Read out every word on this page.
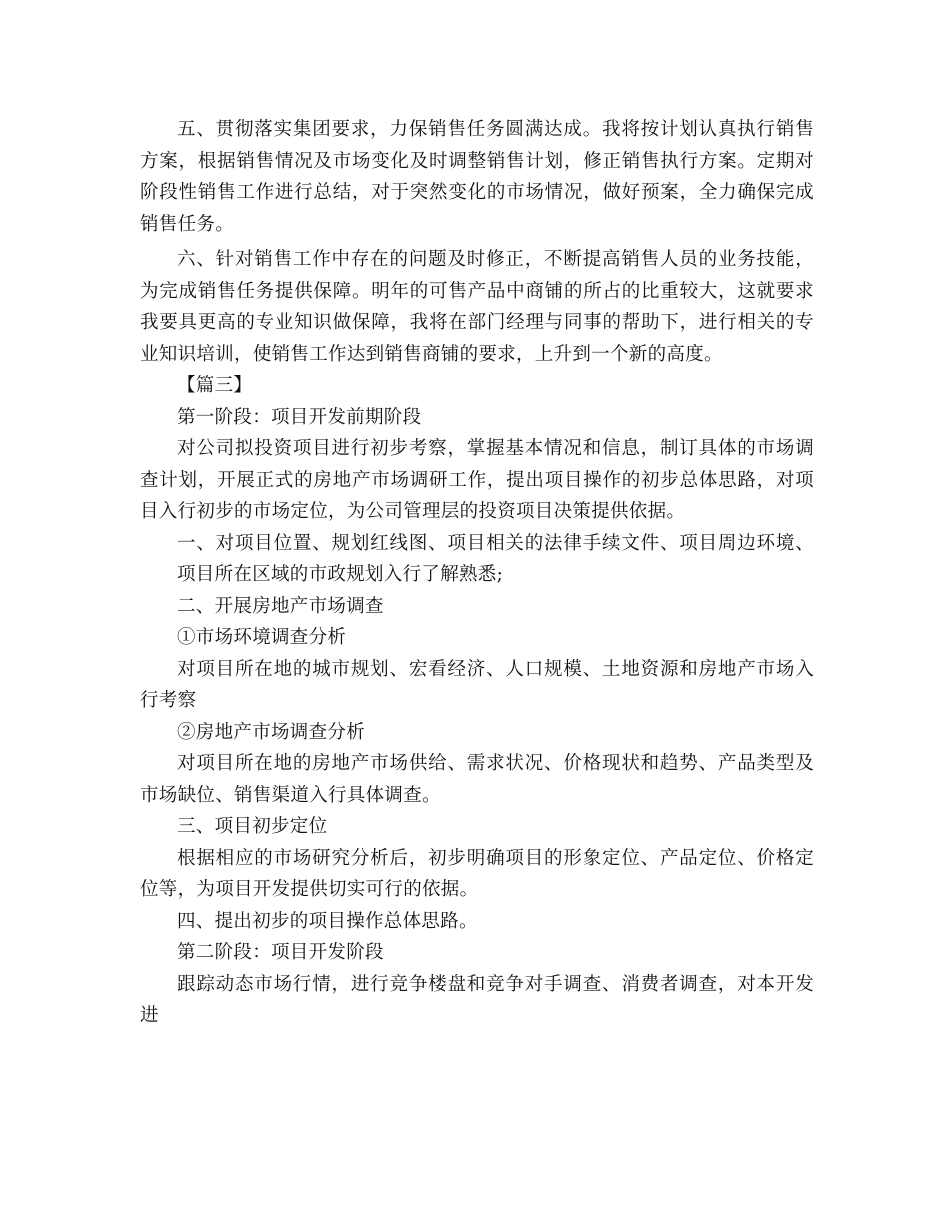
五、贯彻落实集团要求，力保销售任务圆满达成。我将按计划认真执行销售方案，根据销售情况及市场变化及时调整销售计划，修正销售执行方案。定期对阶段性销售工作进行总结，对于突然变化的市场情况，做好预案，全力确保完成销售任务。

六、针对销售工作中存在的问题及时修正，不断提高销售人员的业务技能，为完成销售任务提供保障。明年的可售产品中商铺的所占的比重较大，这就要求我要具更高的专业知识做保障，我将在部门经理与同事的帮助下，进行相关的专业知识培训，使销售工作达到销售商铺的要求，上升到一个新的高度。

【篇三】

第一阶段：项目开发前期阶段

对公司拟投资项目进行初步考察，掌握基本情况和信息，制订具体的市场调查计划，开展正式的房地产市场调研工作，提出项目操作的初步总体思路，对项目入行初步的市场定位，为公司管理层的投资项目决策提供依据。

一、对项目位置、规划红线图、项目相关的法律手续文件、项目周边环境、项目所在区域的市政规划入行了解熟悉;

二、开展房地产市场调查

①市场环境调查分析

对项目所在地的城市规划、宏看经济、人口规模、土地资源和房地产市场入行考察

②房地产市场调查分析

对项目所在地的房地产市场供给、需求状况、价格现状和趋势、产品类型及市场缺位、销售渠道入行具体调查。

三、项目初步定位

根据相应的市场研究分析后，初步明确项目的形象定位、产品定位、价格定位等，为项目开发提供切实可行的依据。

四、提出初步的项目操作总体思路。

第二阶段：项目开发阶段

跟踪动态市场行情，进行竞争楼盘和竞争对手调查、消费者调查，对本开发进
